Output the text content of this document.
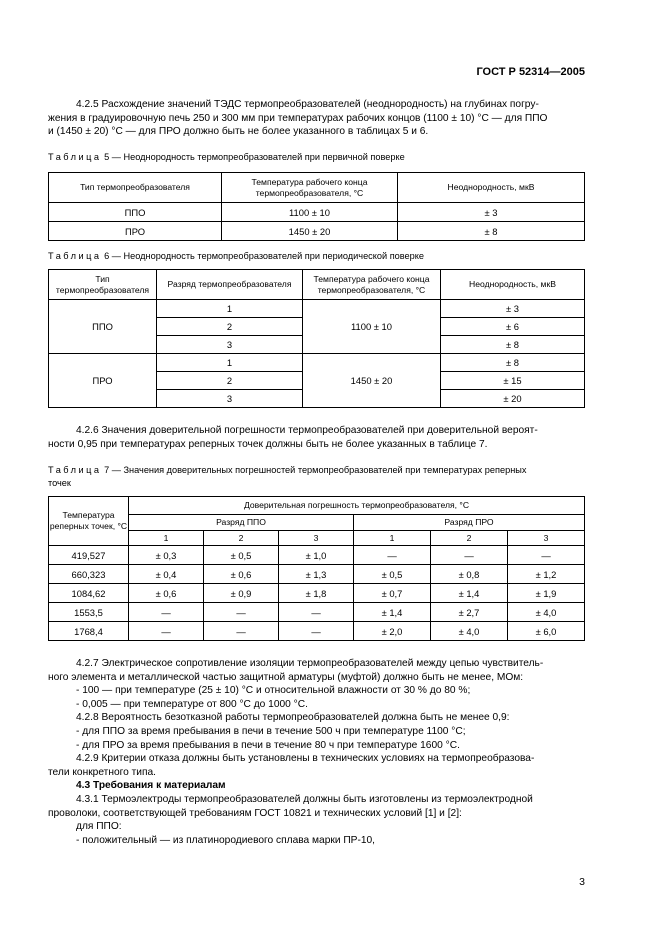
ГОСТ Р 52314—2005
4.2.5 Расхождение значений ТЭДС термопреобразователей (неоднородность) на глубинах погру-
жения в градуировочную печь 250 и 300 мм при температурах рабочих концов (1100 ± 10) °С — для ППО
и (1450 ± 20) °С — для ПРО должно быть не более указанного в таблицах 5 и 6.
Таблица 5 — Неоднородность термопреобразователей при первичной поверке
Тип термопреобразователя	Температура рабочего конца термопреобразователя, °С	Неоднородность, мкВ
ППО	1100 ± 10	± 3
ПРО	1450 ± 20	± 8
Таблица 6 — Неоднородность термопреобразователей при периодической поверке
Тип термопреобразователя	Разряд термопреобразователя	Температура рабочего конца термопреобразователя, °С	Неоднородность, мкВ
ППО	1	1100 ± 10	± 3
	2		± 6
	3		± 8
ПРО	1	1450 ± 20	± 8
	2		± 15
	3		± 20
4.2.6 Значения доверительной погрешности термопреобразователей при доверительной вероят-
ности 0,95 при температурах реперных точек должны быть не более указанных в таблице 7.
Таблица 7 — Значения доверительных погрешностей термопреобразователей при температурах реперных
точек
Температура реперных точек, °С	Доверительная погрешность термопреобразователя, °С					
	Разряд ППО			Разряд ПРО		
	1	2	3	1	2	3
419,527	± 0,3	± 0,5	± 1,0	—	—	—
660,323	± 0,4	± 0,6	± 1,3	± 0,5	± 0,8	± 1,2
1084,62	± 0,6	± 0,9	± 1,8	± 0,7	± 1,4	± 1,9
1553,5	—	—	—	± 1,4	± 2,7	± 4,0
1768,4	—	—	—	± 2,0	± 4,0	± 6,0
4.2.7 Электрическое сопротивление изоляции термопреобразователей между цепью чувствитель-
ного элемента и металлической частью защитной арматуры (муфтой) должно быть не менее, МОм:
- 100 — при температуре (25 ± 10) °С и относительной влажности от 30 % до 80 %;
- 0,005 — при температуре от 800 °С до 1000 °С.
4.2.8 Вероятность безотказной работы термопреобразователей должна быть не менее 0,9:
- для ППО за время пребывания в печи в течение 500 ч при температуре 1100 °С;
- для ПРО за время пребывания в печи в течение 80 ч при температуре 1600 °С.
4.2.9 Критерии отказа должны быть установлены в технических условиях на термопреобразова-
тели конкретного типа.
4.3 Требования к материалам
4.3.1 Термоэлектроды термопреобразователей должны быть изготовлены из термоэлектродной
проволоки, соответствующей требованиям ГОСТ 10821 и технических условий [1] и [2]:
для ППО:
- положительный — из платинородиевого сплава марки ПР-10,
3
